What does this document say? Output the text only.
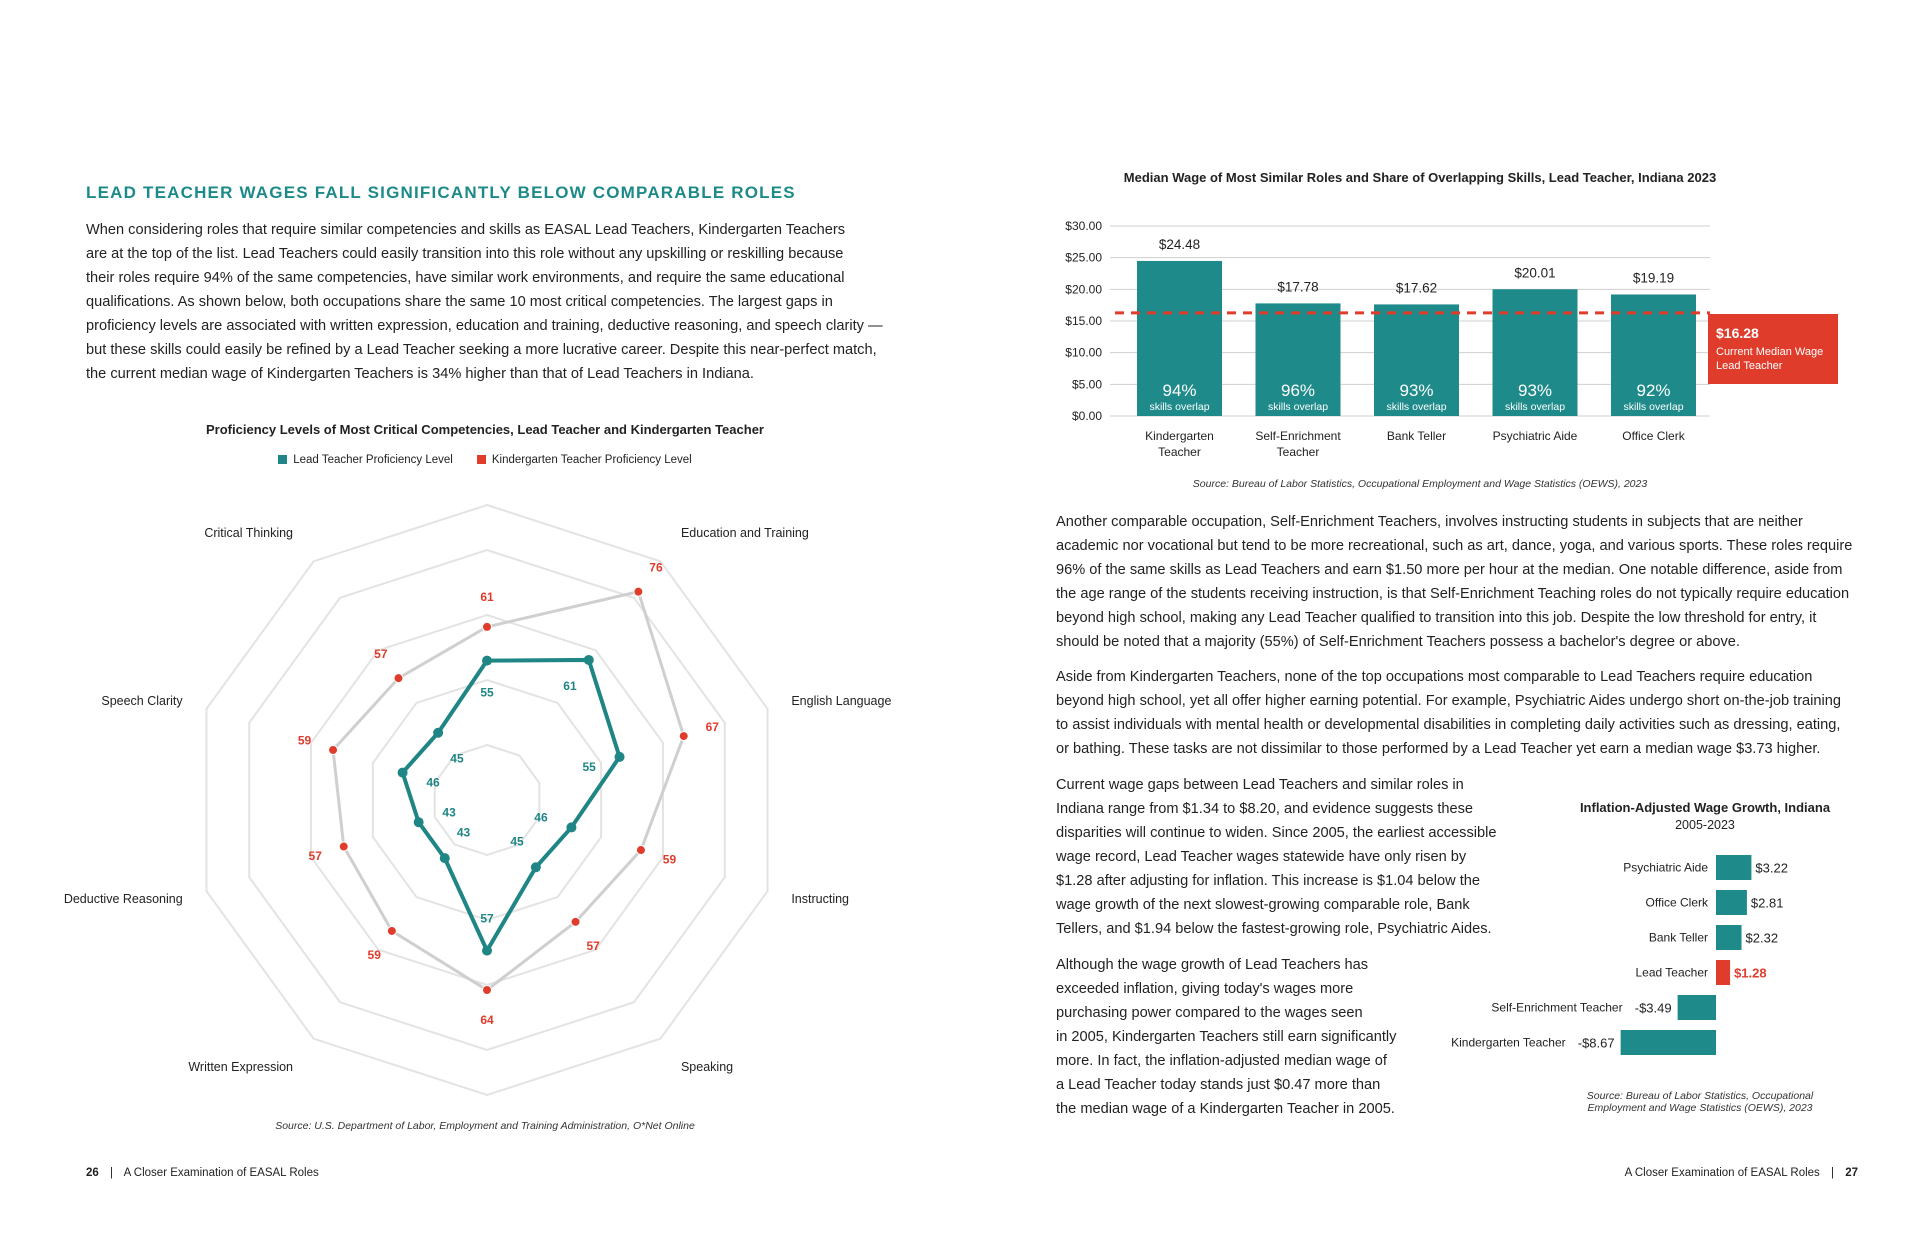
LEAD TEACHER WAGES FALL SIGNIFICANTLY BELOW COMPARABLE ROLES
When considering roles that require similar competencies and skills as EASAL Lead Teachers, Kindergarten Teachers
are at the top of the list. Lead Teachers could easily transition into this role without any upskilling or reskilling because
their roles require 94% of the same competencies, have similar work environments, and require the same educational
qualifications. As shown below, both occupations share the same 10 most critical competencies. The largest gaps in
proficiency levels are associated with written expression, education and training, deductive reasoning, and speech clarity —
but these skills could easily be refined by a Lead Teacher seeking a more lucrative career. Despite this near-perfect match,
the current median wage of Kindergarten Teachers is 34% higher than that of Lead Teachers in Indiana.
Proficiency Levels of Most Critical Competencies, Lead Teacher and Kindergarten Teacher
Lead Teacher Proficiency Level	Kindergarten Teacher Proficiency Level
Education and Training
English Language
Instructing
Speaking
Written Expression
Deductive Reasoning
Speech Clarity
Critical Thinking
61
76
67
59
57
64
59
57
59
57
55	61
55
46
45
57
43
43
46
45
Source: U.S. Department of Labor, Employment and Training Administration, O*Net Online
26 | A Closer Examination of EASAL Roles
Median Wage of Most Similar Roles and Share of Overlapping Skills, Lead Teacher, Indiana 2023
$0.00
$5.00
$10.00
$15.00
$20.00
$25.00
$30.00
$24.48
94%
skills overlap
Kindergarten
Teacher
$17.78
96%
skills overlap
Self-Enrichment
Teacher
$17.62
93%
skills overlap
Bank Teller
$20.01
93%
skills overlap
Psychiatric Aide
$19.19
92%
skills overlap
Office Clerk
$16.28
Current Median Wage
Lead Teacher
Source: Bureau of Labor Statistics, Occupational Employment and Wage Statistics (OEWS), 2023
Another comparable occupation, Self-Enrichment Teachers, involves instructing students in subjects that are neither
academic nor vocational but tend to be more recreational, such as art, dance, yoga, and various sports. These roles require
96% of the same skills as Lead Teachers and earn $1.50 more per hour at the median. One notable difference, aside from
the age range of the students receiving instruction, is that Self-Enrichment Teaching roles do not typically require education
beyond high school, making any Lead Teacher qualified to transition into this job. Despite the low threshold for entry, it
should be noted that a majority (55%) of Self-Enrichment Teachers possess a bachelor's degree or above.
Aside from Kindergarten Teachers, none of the top occupations most comparable to Lead Teachers require education
beyond high school, yet all offer higher earning potential. For example, Psychiatric Aides undergo short on-the-job training
to assist individuals with mental health or developmental disabilities in completing daily activities such as dressing, eating,
or bathing. These tasks are not dissimilar to those performed by a Lead Teacher yet earn a median wage $3.73 higher.
Current wage gaps between Lead Teachers and similar roles in
Indiana range from $1.34 to $8.20, and evidence suggests these
disparities will continue to widen. Since 2005, the earliest accessible
wage record, Lead Teacher wages statewide have only risen by
$1.28 after adjusting for inflation. This increase is $1.04 below the
wage growth of the next slowest-growing comparable role, Bank
Tellers, and $1.94 below the fastest-growing role, Psychiatric Aides.
Although the wage growth of Lead Teachers has
exceeded inflation, giving today's wages more
purchasing power compared to the wages seen
in 2005, Kindergarten Teachers still earn significantly
more. In fact, the inflation-adjusted median wage of
a Lead Teacher today stands just $0.47 more than
the median wage of a Kindergarten Teacher in 2005.
Inflation-Adjusted Wage Growth, Indiana
2005-2023
Psychiatric Aide	$3.22
Office Clerk	$2.81
Bank Teller	$2.32
Lead Teacher $1.28
Self-Enrichment Teacher -$3.49
Kindergarten Teacher -$8.67
Source: Bureau of Labor Statistics, Occupational
Employment and Wage Statistics (OEWS), 2023
A Closer Examination of EASAL Roles | 27
